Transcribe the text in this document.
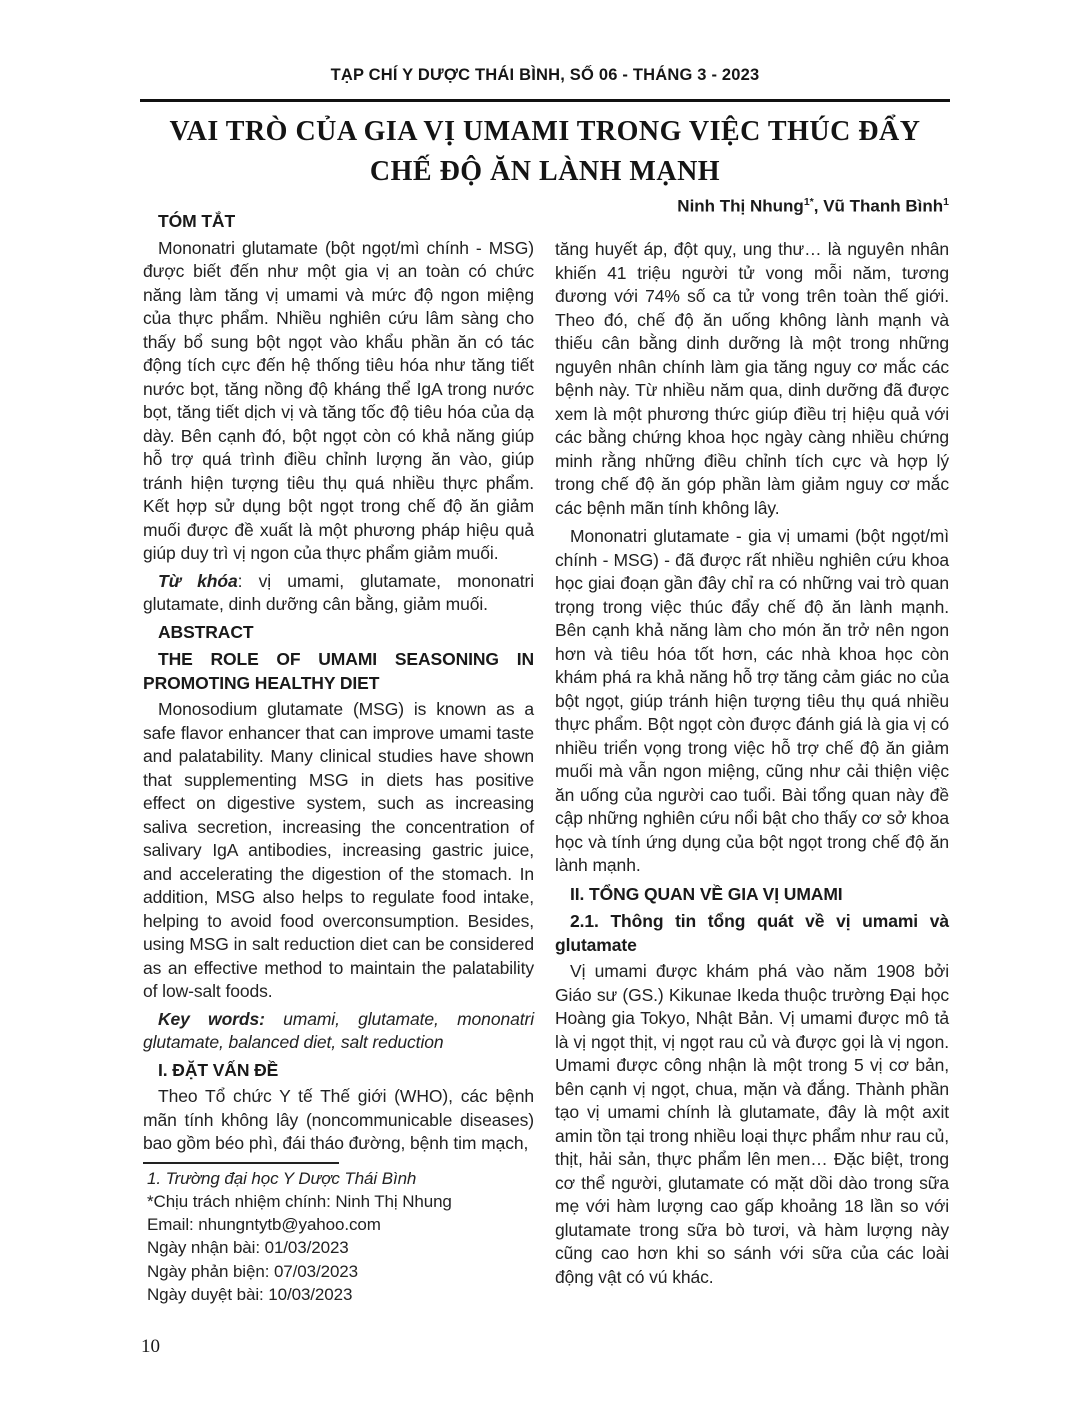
TẠP CHÍ Y DƯỢC THÁI BÌNH, SỐ 06 - THÁNG 3 - 2023
VAI TRÒ CỦA GIA VỊ UMAMI TRONG VIỆC THÚC ĐẨY
CHẾ ĐỘ ĂN LÀNH MẠNH
Ninh Thị Nhung$^{1*}$, Vũ Thanh Bình$^1$
TÓM TẮT
Mononatri glutamate (bột ngọt/mì chính - MSG) được biết đến như một gia vị an toàn có chức năng làm tăng vị umami và mức độ ngon miệng của thực phẩm. Nhiều nghiên cứu lâm sàng cho thấy bổ sung bột ngọt vào khẩu phần ăn có tác động tích cực đến hệ thống tiêu hóa như tăng tiết nước bọt, tăng nồng độ kháng thể IgA trong nước bọt, tăng tiết dịch vị và tăng tốc độ tiêu hóa của dạ dày. Bên cạnh đó, bột ngọt còn có khả năng giúp hỗ trợ quá trình điều chỉnh lượng ăn vào, giúp tránh hiện tượng tiêu thụ quá nhiều thực phẩm. Kết hợp sử dụng bột ngọt trong chế độ ăn giảm muối được đề xuất là một phương pháp hiệu quả giúp duy trì vị ngon của thực phẩm giảm muối.
Từ khóa: vị umami, glutamate, mononatri glutamate, dinh dưỡng cân bằng, giảm muối.
ABSTRACT
THE ROLE OF UMAMI SEASONING IN PROMOTING HEALTHY DIET
Monosodium glutamate (MSG) is known as a safe flavor enhancer that can improve umami taste and palatability. Many clinical studies have shown that supplementing MSG in diets has positive effect on digestive system, such as increasing saliva secretion, increasing the concentration of salivary IgA antibodies, increasing gastric juice, and accelerating the digestion of the stomach. In addition, MSG also helps to regulate food intake, helping to avoid food overconsumption. Besides, using MSG in salt reduction diet can be considered as an effective method to maintain the palatability of low-salt foods.
Key words: umami, glutamate, mononatri glutamate, balanced diet, salt reduction
I. ĐẶT VẤN ĐỀ
Theo Tổ chức Y tế Thế giới (WHO), các bệnh mãn tính không lây (noncommunicable diseases) bao gồm béo phì, đái tháo đường, bệnh tim mạch,
1. Trường đại học Y Dược Thái Bình
*Chịu trách nhiệm chính: Ninh Thị Nhung
Email: nhungntytb@yahoo.com
Ngày nhận bài: 01/03/2023
Ngày phản biện: 07/03/2023
Ngày duyệt bài: 10/03/2023
tăng huyết áp, đột quỵ, ung thư… là nguyên nhân khiến 41 triệu người tử vong mỗi năm, tương đương với 74% số ca tử vong trên toàn thế giới. Theo đó, chế độ ăn uống không lành mạnh và thiếu cân bằng dinh dưỡng là một trong những nguyên nhân chính làm gia tăng nguy cơ mắc các bệnh này. Từ nhiều năm qua, dinh dưỡng đã được xem là một phương thức giúp điều trị hiệu quả với các bằng chứng khoa học ngày càng nhiều chứng minh rằng những điều chỉnh tích cực và hợp lý trong chế độ ăn góp phần làm giảm nguy cơ mắc các bệnh mãn tính không lây.
Mononatri glutamate - gia vị umami (bột ngọt/mì chính - MSG) - đã được rất nhiều nghiên cứu khoa học giai đoạn gần đây chỉ ra có những vai trò quan trọng trong việc thúc đẩy chế độ ăn lành mạnh. Bên cạnh khả năng làm cho món ăn trở nên ngon hơn và tiêu hóa tốt hơn, các nhà khoa học còn khám phá ra khả năng hỗ trợ tăng cảm giác no của bột ngọt, giúp tránh hiện tượng tiêu thụ quá nhiều thực phẩm. Bột ngọt còn được đánh giá là gia vị có nhiều triển vọng trong việc hỗ trợ chế độ ăn giảm muối mà vẫn ngon miệng, cũng như cải thiện việc ăn uống của người cao tuổi. Bài tổng quan này đề cập những nghiên cứu nổi bật cho thấy cơ sở khoa học và tính ứng dụng của bột ngọt trong chế độ ăn lành mạnh.
II. TỔNG QUAN VỀ GIA VỊ UMAMI
2.1. Thông tin tổng quát về vị umami và glutamate
Vị umami được khám phá vào năm 1908 bởi Giáo sư (GS.) Kikunae Ikeda thuộc trường Đại học Hoàng gia Tokyo, Nhật Bản. Vị umami được mô tả là vị ngọt thịt, vị ngọt rau củ và được gọi là vị ngon. Umami được công nhận là một trong 5 vị cơ bản, bên cạnh vị ngọt, chua, mặn và đắng. Thành phần tạo vị umami chính là glutamate, đây là một axit amin tồn tại trong nhiều loại thực phẩm như rau củ, thịt, hải sản, thực phẩm lên men… Đặc biệt, trong cơ thể người, glutamate có mặt dồi dào trong sữa mẹ với hàm lượng cao gấp khoảng 18 lần so với glutamate trong sữa bò tươi, và hàm lượng này cũng cao hơn khi so sánh với sữa của các loài động vật có vú khác.
10
